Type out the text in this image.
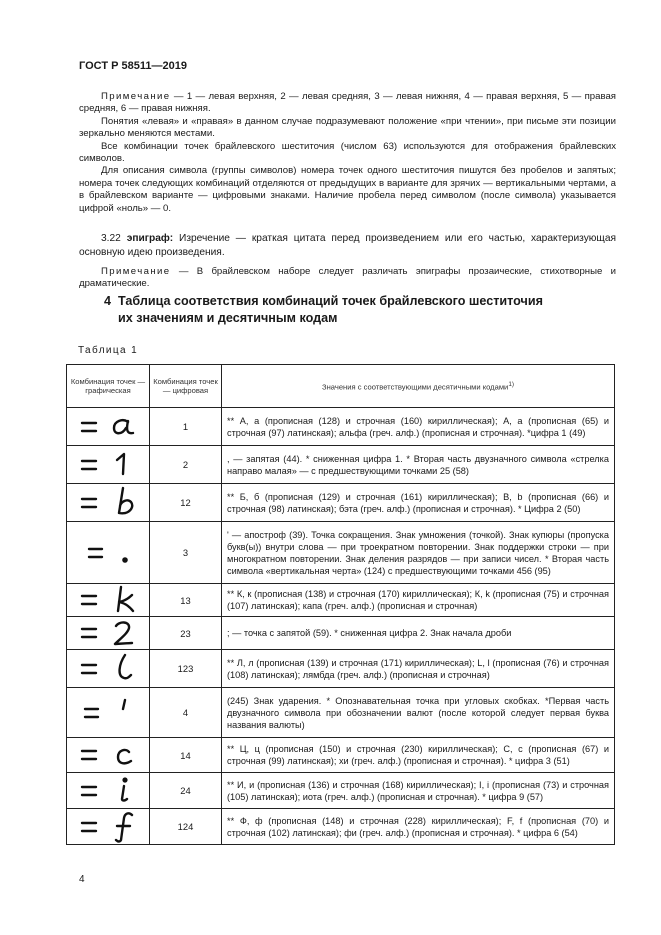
ГОСТ Р 58511—2019

Примечание — 1 — левая верхняя, 2 — левая средняя, 3 — левая нижняя, 4 — правая верхняя, 5 — правая средняя, 6 — правая нижняя.

Понятия «левая» и «правая» в данном случае подразумевают положение «при чтении», при письме эти позиции зеркально меняются местами.

Все комбинации точек брайлевского шеститочия (числом 63) используются для отображения брайлевских символов.

Для описания символа (группы символов) номера точек одного шеститочия пишутся без пробелов и запятых; номера точек следующих комбинаций отделяются от предыдущих в варианте для зрячих — вертикальными чертами, а в брайлевском варианте — цифровыми знаками. Наличие пробела перед символом (после символа) указывается цифрой «ноль» — 0.

3.22 эпиграф: Изречение — краткая цитата перед произведением или его частью, характеризующая основную идею произведения.

Примечание — В брайлевском наборе следует различать эпиграфы прозаические, стихотворные и драматические.

4 Таблица соответствия комбинаций точек брайлевского шеститочия
их значениям и десятичным кодам
Таблица 1
Комбинация точек — графическая	Комбинация точек — цифровая	Значения с соответствующими десятичными кодами$^{1)}$

	1	** А, а (прописная (128) и строчная (160) кириллическая); А, а (прописная (65) и строчная (97) латинская); альфа (греч. алф.) (прописная и строчная). *цифра 1 (49)

	2	, — запятая (44). * сниженная цифра 1. * Вторая часть двузначного символа «стрелка направо малая» — с предшествующими точками 25 (58)

	12	** Б, б (прописная (129) и строчная (161) кириллическая); В, b (прописная (66) и строчная (98) латинская); бэта (греч. алф.) (прописная и строчная). * Цифра 2 (50)

	3	' — апостроф (39). Точка сокращения. Знак умножения (точкой). Знак купюры (пропуска букв(ы)) внутри слова — при троекратном повторении. Знак поддержки строки — при многократном повторении. Знак деления разрядов — при записи чисел. * Вторая часть символа «вертикальная черта» (124) с предшествующими точками 456 (95)

	13	** К, к (прописная (138) и строчная (170) кириллическая); К, k (прописная (75) и строчная (107) латинская); капа (греч. алф.) (прописная и строчная)

	23	; — точка с запятой (59). * сниженная цифра 2. Знак начала дроби

	123	** Л, л (прописная (139) и строчная (171) кириллическая); L, l (прописная (76) и строчная (108) латинская); лямбда (греч. алф.) (прописная и строчная)

	4	(245) Знак ударения. * Опознавательная точка при угловых скобках. *Первая часть двузначного символа при обозначении валют (после которой следует первая буква названия валюты)

	14	** Ц, ц (прописная (150) и строчная (230) кириллическая); С, с (прописная (67) и строчная (99) латинская); хи (греч. алф.) (прописная и строчная). * цифра 3 (51)

	24	** И, и (прописная (136) и строчная (168) кириллическая); I, i (прописная (73) и строчная (105) латинская); иота (греч. алф.) (прописная и строчная). * цифра 9 (57)

	124	** Ф, ф (прописная (148) и строчная (228) кириллическая); F, f (прописная (70) и строчная (102) латинская); фи (греч. алф.) (прописная и строчная). * цифра 6 (54)
4
